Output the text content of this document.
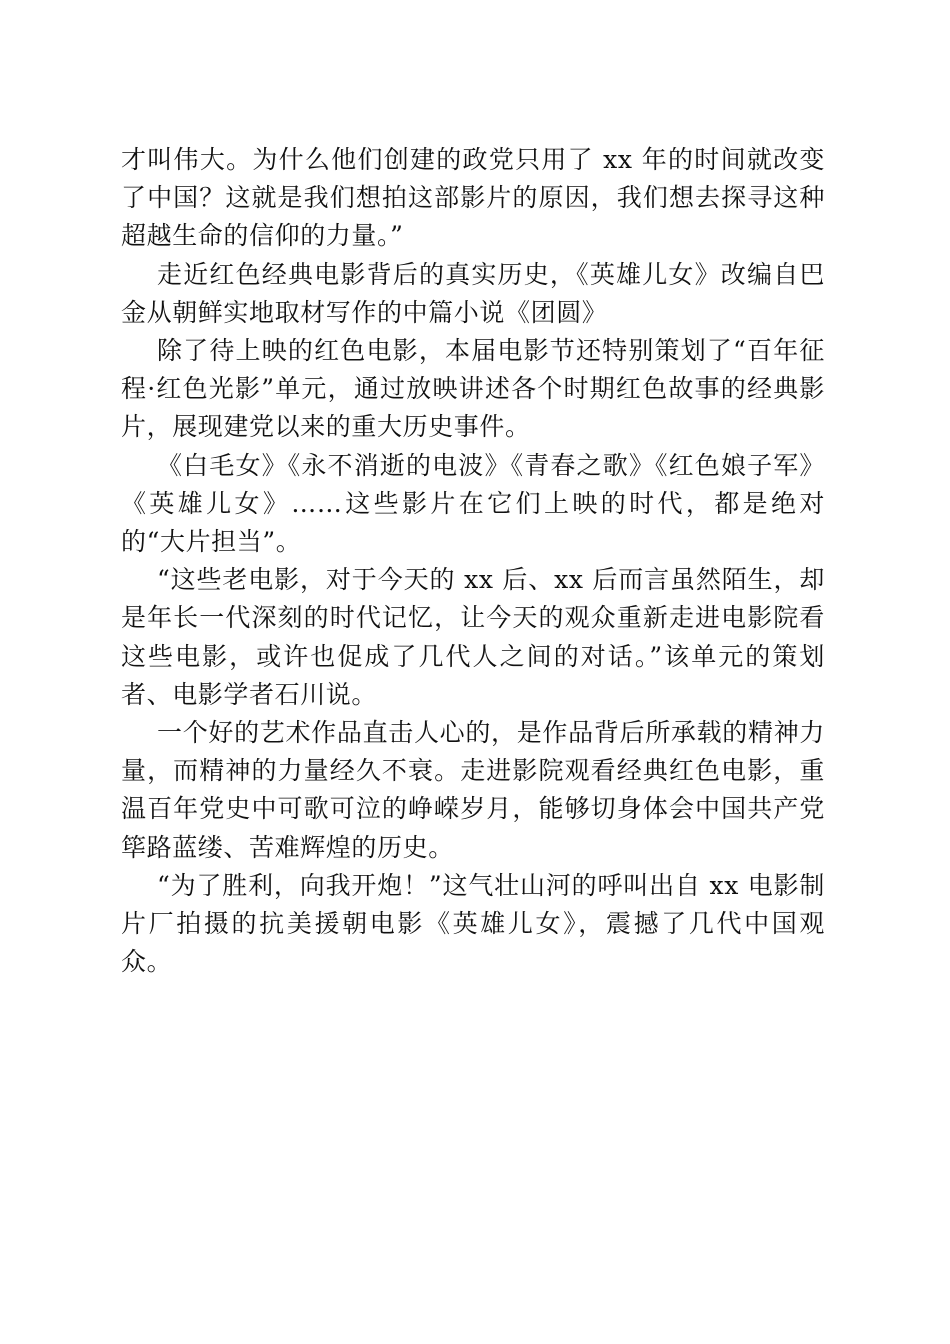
才叫伟大。为什么他们创建的政党只用了 xx 年的时间就改变了中国？这就是我们想拍这部影片的原因，我们想去探寻这种超越生命的信仰的力量。”

走近红色经典电影背后的真实历史，《英雄儿女》改编自巴金从朝鲜实地取材写作的中篇小说《团圆》

除了待上映的红色电影，本届电影节还特别策划了“百年征程·红色光影”单元，通过放映讲述各个时期红色故事的经典影片，展现建党以来的重大历史事件。

《白毛女》《永不消逝的电波》《青春之歌》《红色娘子军》《英雄儿女》……这些影片在它们上映的时代，都是绝对的“大片担当”。

“这些老电影，对于今天的 xx 后、xx 后而言虽然陌生，却是年长一代深刻的时代记忆，让今天的观众重新走进电影院看这些电影，或许也促成了几代人之间的对话。”该单元的策划者、电影学者石川说。

一个好的艺术作品直击人心的，是作品背后所承载的精神力量，而精神的力量经久不衰。走进影院观看经典红色电影，重温百年党史中可歌可泣的峥嵘岁月，能够切身体会中国共产党筚路蓝缕、苦难辉煌的历史。

“为了胜利，向我开炮！”这气壮山河的呼叫出自 xx 电影制片厂拍摄的抗美援朝电影《英雄儿女》，震撼了几代中国观众。
